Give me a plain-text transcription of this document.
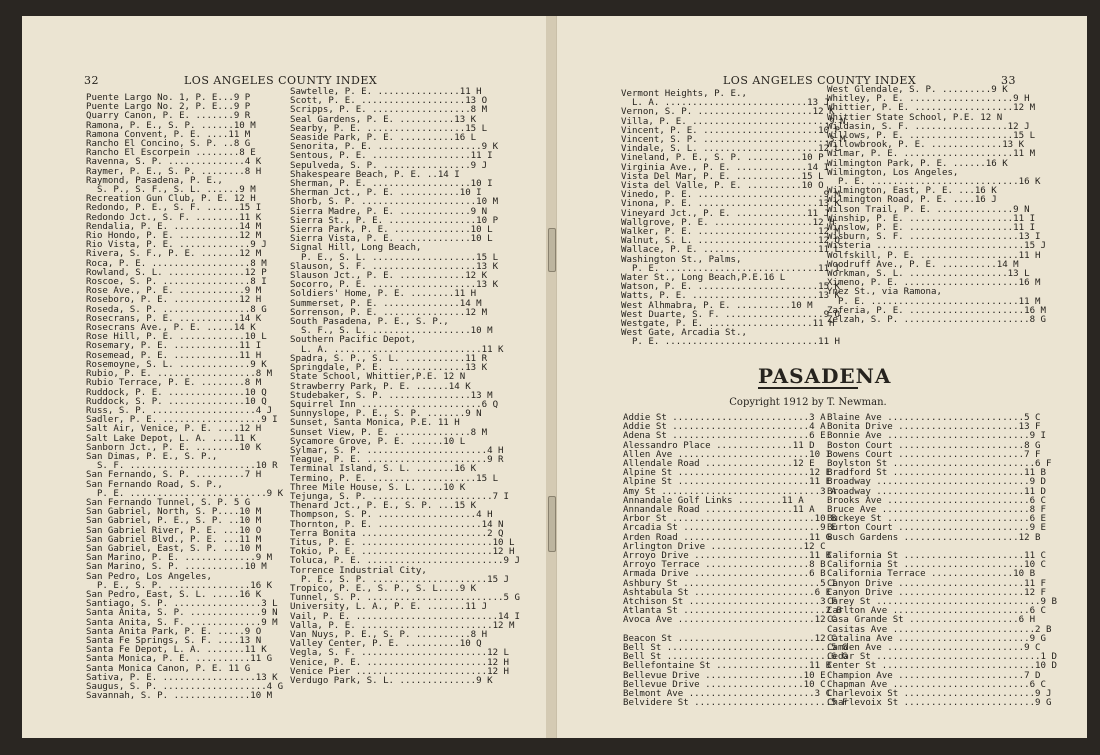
32	LOS ANGELES COUNTY INDEX
Puente Largo No. 1, P. E...9 P
Puente Largo No. 2, P. E...9 P
Quarry Canon, P. E. .......9 R
Ramona, P. E., S. P. ......10 M
Ramona Convent, P. E. ....11 M
Rancho El Concino, S. P. ..8 G
Rancho El Escorpein ........8 E
Ravenna, S. P. ..............4 K
Raymer, P. E., S. P. ........8 H
Raymond, Pasadena, P. E.,
S. P., S. F., S. L. ......9 M
Recreation Gun Club, P. E. 12 H
Redondo, P. E., S. F. ......15 I
Redondo Jct., S. F. ........11 K
Rendalia, P. E. ............14 M
Rio Hondo, P. E. ...........12 M
Rio Vista, P. E. .............9 J
Rivera, S. F., P. E. .......12 M
Roca, P. E. ..................8 M
Rowland, S. L. ..............12 P
Roscoe, S. P. ................8 I
Rose Ave., P. E. ............9 M
Roseboro, P. E. ............12 H
Roseda, S. P. ................8 G
Rosecrans, P. E. ...........14 K
Rosecrans Ave., P. E. .....14 K
Rose Hill, P. E. ............10 L
Rosemary, P. E. ............11 I
Rosemead, P. E. ............11 H
Rosemoyne, S. L. .............9 K
Rubio, P. E. ..................8 M
Rubio Terrace, P. E. ........8 M
Ruddock, P. E. ..............10 Q
Ruddock, S. P. ..............10 Q
Russ, S. P. ...................4 J
Sadler, P. E. ..................9 I
Salt Air, Venice, P. E. ....12 H
Salt Lake Depot, L. A. ....11 K
Sanborn Jct., P. E. ........10 K
San Dimas, P. E., S. P.,
S. F. .......................10 R
San Fernando, S. P. .........7 H
San Fernando Road, S. P.,
P. E. .........................9 K
San Fernando Tunnel, S. P. 5 G
San Gabriel, North, S. P....10 M
San Gabriel, P. E., S. P. ..10 M
San Gabriel River, P. E. ...10 O
San Gabriel Blvd., P. E. ...11 M
San Gabriel, East, S. P. ...10 M
San Marino, P. E. .............9 M
San Marino, S. P. ...........10 M
San Pedro, Los Angeles,
P. E., S. P. ...............16 K
San Pedro, East, S. L. .....16 K
Santiago, S. P. ................3 L
Santa Anita, S. P. .............9 N
Santa Anita, S. F. .............9 M
Santa Anita Park, P. E. .....9 O
Santa Fe Springs, S. F. ....13 N
Santa Fe Depot, L. A. .......11 K
Santa Monica, P. E. ..........11 G
Santa Monica Canon, P. E. 11 G
Sativa, P. E. .................13 K
Saugus, S. P. ...................4 G
Savannah, S. P. ..............10 M
Sawtelle, P. E. ...............11 H
Scott, P. E. ...................13 O
Scripps, P. E. ..................8 M
Seal Gardens, P. E. ..........13 K
Searby, P. E. ..................15 L
Seaside Park, P. E. ..........16 L
Senorita, P. E. ...................9 K
Sentous, P. E. ..................11 I
Sepulveda, S. P. ................9 J
Shakespeare Beach, P. E. ..14 I
Sherman, P. E. ..................10 I
Sherman Jct., P. E. ...........10 I
Shorb, S. P. .....................10 M
Sierra Madre, P. E. .............9 N
Sierra St., P. E. ................10 P
Sierra Park, P. E. ..............10 L
Sierra Vista, P. E. .............10 L
Signal Hill, Long Beach,
P. E., S. L. ...................15 L
Slauson, S. F. ...................13 K
Slauson Jct., P. E. ............12 K
Socorro, P. E. ...................13 K
Soldiers' Home, P. E. ........11 H
Summerset, P. E. ..............14 M
Sorrenson, P. E. ...............12 M
South Pasadena, P. E., S. P.,
S. F., S. L. ..................10 M
Southern Pacific Depot,
L. A. ...........................11 K
Spadra, S. P., S. L. ...........11 R
Springdale, P. E. ..............13 K
State School, Whittier,P.E. 12 N
Strawberry Park, P. E. ......14 K
Studebaker, S. P. ...............13 M
Squirrel Inn ......................6 Q
Sunnyslope, P. E., S. P. .......9 N
Sunset, Santa Monica, P.E. 11 H
Sunset View, P. E. ..............8 M
Sycamore Grove, P. E. ......10 L
Sylmar, S. P. ......................4 H
Teague, P. E. ......................9 R
Terminal Island, S. L. .......16 K
Termino, P. E. ...................15 L
Three Mile House, S. L. ....10 K
Tejunga, S. P. ......................7 I
Thenard Jct., P. E., S. P. ...15 K
Thompson, S. P. ..................4 H
Thornton, P. E. ...................14 N
Terra Bonita .......................2 Q
Titus, P. E. ........................10 L
Tokio, P. E. ........................12 H
Toluca, P. E. .........................9 J
Torrence Industrial City,
P. E., S. P. .....................15 J
Tropico, P. E., S. P., S. L....9 K
Tunnel, S. P. .........................5 G
University, L. A., P. E. .......11 J
Vail, P. E. ..........................14 I
Valla, P. E. ........................12 M
Van Nuys, P. E., S. P. ..........8 H
Valley Center, P. E. ..........10 Q
Vegla, S. F. .......................12 L
Venice, P. E. ......................12 H
Venice Pier ........................12 H
Verdugo Park, S. L. ..............9 K
LOS ANGELES COUNTY INDEX	33
Vermont Heights, P. E.,
L. A. ..........................13 J
Vernon, S. P. .....................12 K
Villa, P. E. .........................9 N
Vincent, P. E. .....................10 P
Vincent, S. P. .......................3 M
Vindale, S. L. .....................12 L
Vineland, P. E., S. P. ..........10 P
Virginia Ave., P. E. .............14 I
Vista Del Mar, P. E. ............15 L
Vista del Valle, P. E. ..........10 O
Vinedo, P. E. .......................9 M
Vinona, P. E. ......................13 K
Vineyard Jct., P. E. .............11 J
Wallgrove, P. E. ..................12 H
Walker, P. E. ......................12 M
Walnut, S. L. ......................12 Q
Wallace, P. E. .....................11 L
Washington St., Palms,
P. E. ............................11 I
Water St., Long Beach,P.E.16 L
Watson, P. E. ......................15 K
Watts, P. E. .......................13 K
West Alhmabra, P. E. ..........10 M
West Duarte, S. F. ..................9 O
Westgate, P. E. ...................11 H
West Gate, Arcadia St.,
P. E. ............................11 H
West Glendale, S. P. .........9 K
Whitley, P. E. ...................9 H
Whittier, P. E. ..................12 M
Whittier State School, P.E. 12 N
Wildasin, S. F. .................12 J
Willows, P. E. ...................15 L
Willowbrook, P. E. .............13 K
Wilmar, P. E. ....................11 M
Wilmington Park, P. E. ......16 K
Wilmington, Los Angeles,
P. E. ...........................16 K
Wilmington, East, P. E. ...16 K
Wilmington Road, P. E. ....16 J
Wilson Trail, P. E. ..............9 N
Winship, P. E. ...................11 I
Winslow, P. E. ...................11 I
Wisburn, S. F. ....................13 I
Wisteria ...........................15 J
Wolfskill, P. E. ..................11 H
Woodruff Ave., P. E. ..........14 M
Workman, S. L. ..................13 L
Ximeno, P. E. .....................16 M
Ynez St., via Ramona,
P. E. ...........................11 M
Zaferia, P. E. .....................16 M
Zelzah, S. P. .......................8 G
PASADENA
Copyright 1912 by T. Newman.
Addie St .........................3 A
Addie St .........................4 A
Adena St .........................6 E
Alessandro Place ..............11 D
Allen Ave ........................10 I
Allendale Road ................12 E
Alpine St ........................12 E
Alpine St ........................11 E
Amy St .............................3 A
Annandale Golf Links ........11 A
Annandale Road ................11 A
Arbor St ..........................10 B
Arcadia St .........................9 E
Arden Road .......................11 G
Arlington Drive .................12 C
Arroyo Drive .....................11 B
Arroyo Terrace ...................8 B
Armada Drive .....................6 B
Ashbury St .........................5 I
Ashtabula St ......................6 E
Atchison St ........................3 F
Atlanta St ..........................2 B
Avoca Ave .........................12 C

Beacon St .........................12 C
Bell St ..............................5 G
Bell St ..............................6 G
Bellefontaine St .................11 B
Bellevue Drive ..................10 E
Bellevue Drive ..................10 C
Belmont Ave .......................3 C
Belvidere St .........................5 F
Blaine Ave .........................5 C
Bonita Drive ......................13 F
Bonnie Ave ..........................9 I
Boston Court .......................8 G
Bowens Court .......................7 F
Boylston St ..........................6 F
Bradford St ........................11 B
Broadway ............................9 D
Broadway ...........................11 D
Brooks Ave ..........................6 C
Bruce Ave ...........................8 F
Buckeye St ..........................6 E
Burton Court ........................9 E
Busch Gardens .....................12 B

California St ......................11 C
California St ......................10 C
California Terrace ...............10 B
Canyon Drive .......................11 F
Canyon Drive .......................12 F
Carey St ..............................9 B
Carlton Ave .........................6 C
Casa Grande St ....................6 H
Casitas Ave ..........................2 B
Catalina Ave ........................9 G
Camden Ave .........................9 C
Cedar St ..............................1 D
Center St ............................10 D
Champion Ave .......................7 D
Chapman Ave .........................6 C
Charlevoix St ........................9 J
Charlevoix St ........................9 G
